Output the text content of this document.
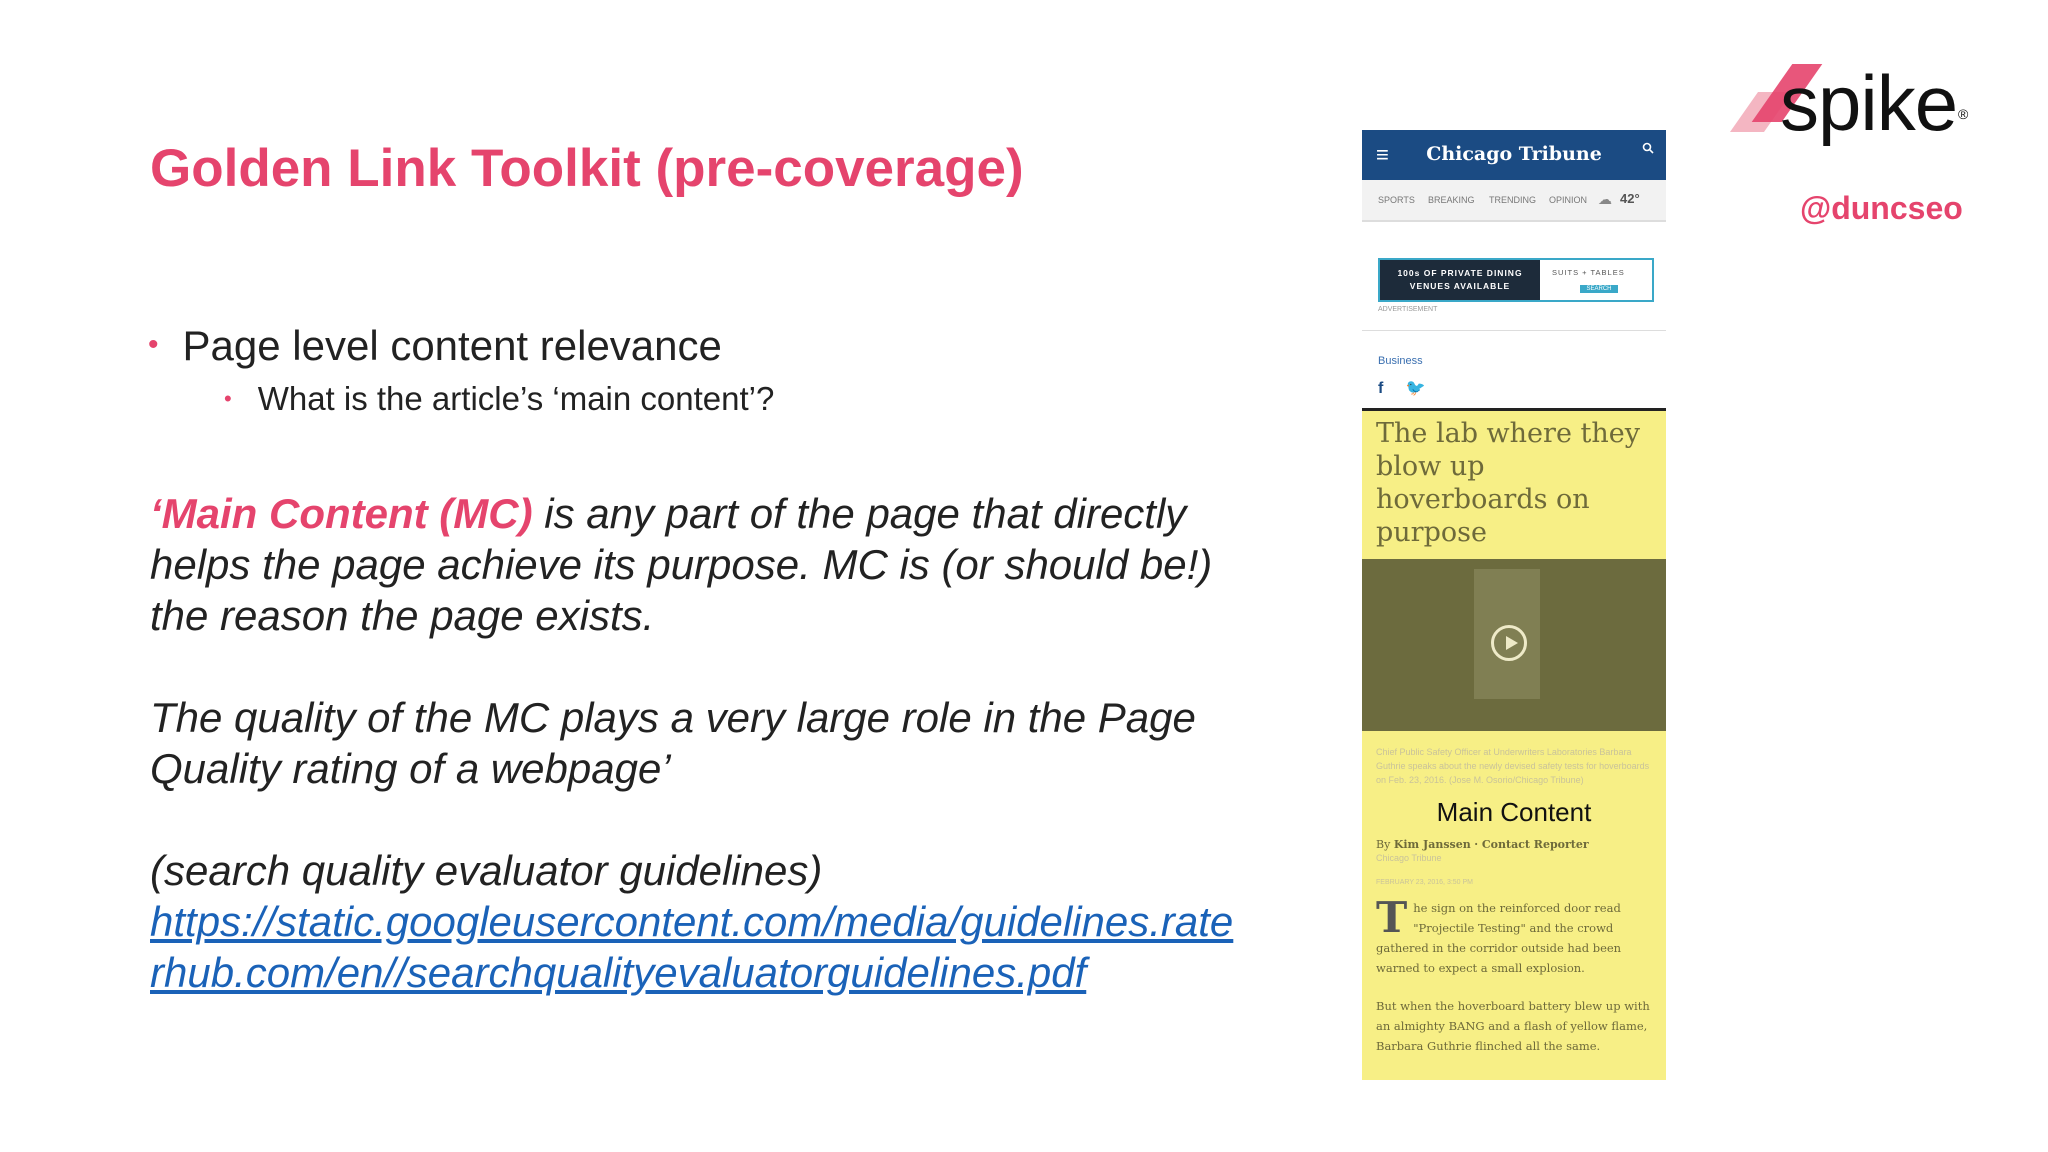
Golden Link Toolkit (pre-coverage)
• Page level content relevance
• What is the article’s ‘main content’?

‘Main Content (MC) is any part of the page that directly helps the page achieve its purpose. MC is (or should be!) the reason the page exists.

The quality of the MC plays a very large role in the Page Quality rating of a webpage’

(search quality evaluator guidelines)

https://static.googleusercontent.com/media/guidelines.rate
rhub.com/en//searchqualityevaluatorguidelines.pdf
spike ®
@duncseo
≡	Chicago Tribune
SPORTS BREAKING TRENDING OPINION ☁ 42°
100s OF PRIVATE DINING VENUES AVAILABLE
SUITS + TABLES
SEARCH
ADVERTISEMENT
Business
f 🐦
The lab where they blow up hoverboards on purpose
Chief Public Safety Officer at Underwriters Laboratories Barbara Guthrie speaks about the newly devised safety tests for hoverboards on Feb. 23, 2016. (Jose M. Osorio/Chicago Tribune)
Main Content
By Kim Janssen · Contact Reporter
Chicago Tribune
FEBRUARY 23, 2016, 3:50 PM
The sign on the reinforced door read "Projectile Testing" and the crowd gathered in the corridor outside had been warned to expect a small explosion.
But when the hoverboard battery blew up with an almighty BANG and a flash of yellow flame, Barbara Guthrie flinched all the same.
